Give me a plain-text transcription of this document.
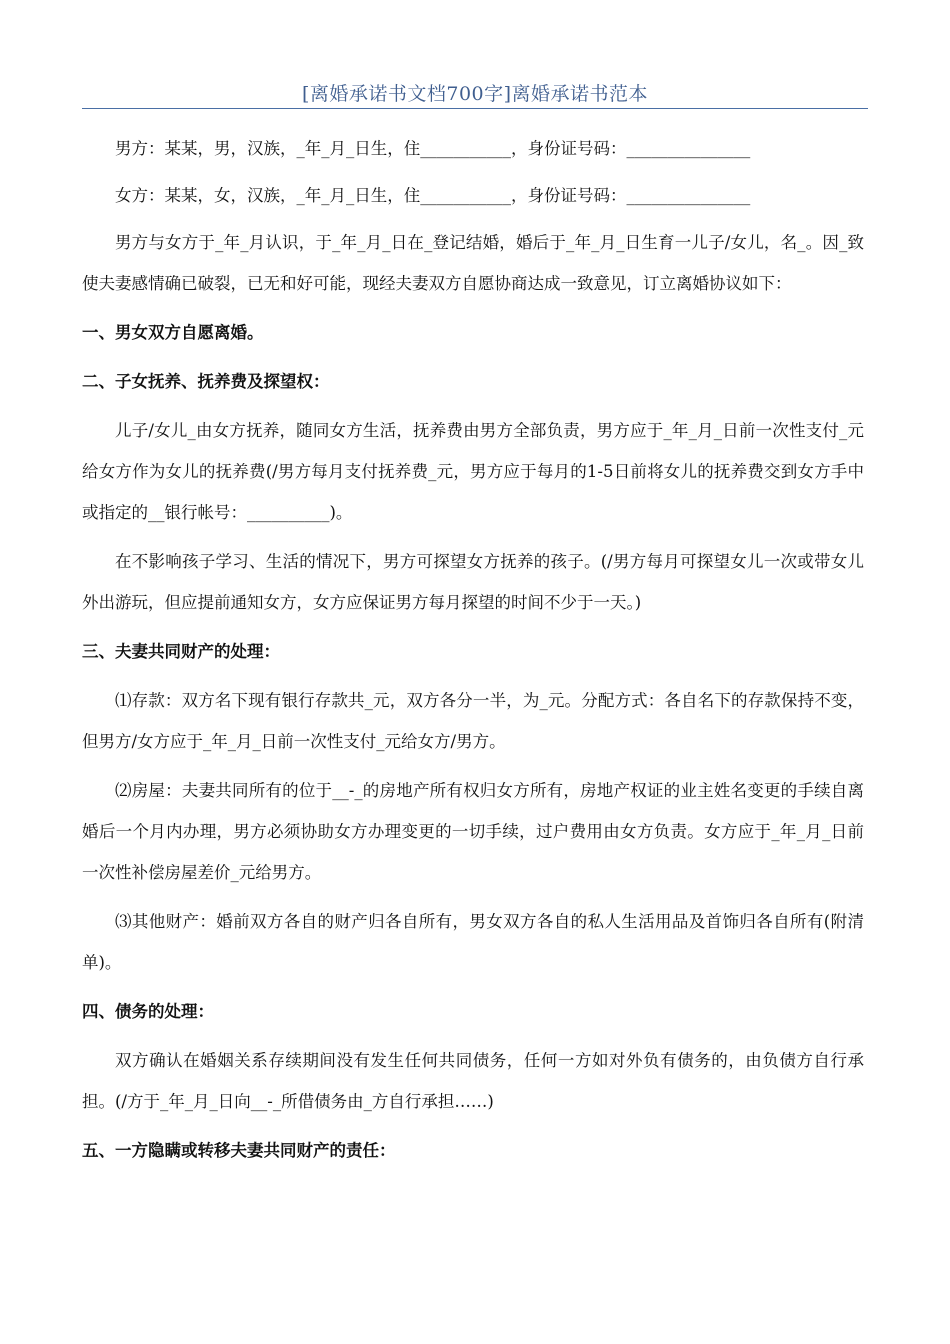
[离婚承诺书文档700字]离婚承诺书范本

男方：某某，男，汉族，_年_月_日生，住___________，身份证号码：_______________

女方：某某，女，汉族，_年_月_日生，住___________，身份证号码：_______________

男方与女方于_年_月认识，于_年_月_日在_登记结婚，婚后于_年_月_日生育一儿子/女儿，名_。因_致使夫妻感情确已破裂，已无和好可能，现经夫妻双方自愿协商达成一致意见，订立离婚协议如下：

一、男女双方自愿离婚。
二、子女抚养、抚养费及探望权：

儿子/女儿_由女方抚养，随同女方生活，抚养费由男方全部负责，男方应于_年_月_日前一次性支付_元给女方作为女儿的抚养费(/男方每月支付抚养费_元，男方应于每月的1-5日前将女儿的抚养费交到女方手中或指定的__银行帐号：__________)。

在不影响孩子学习、生活的情况下，男方可探望女方抚养的孩子。(/男方每月可探望女儿一次或带女儿外出游玩，但应提前通知女方，女方应保证男方每月探望的时间不少于一天。)

三、夫妻共同财产的处理：

⑴存款：双方名下现有银行存款共_元，双方各分一半，为_元。分配方式：各自名下的存款保持不变，但男方/女方应于_年_月_日前一次性支付_元给女方/男方。

⑵房屋：夫妻共同所有的位于__-_的房地产所有权归女方所有，房地产权证的业主姓名变更的手续自离婚后一个月内办理，男方必须协助女方办理变更的一切手续，过户费用由女方负责。女方应于_年_月_日前一次性补偿房屋差价_元给男方。

⑶其他财产：婚前双方各自的财产归各自所有，男女双方各自的私人生活用品及首饰归各自所有(附清单)。

四、债务的处理：

双方确认在婚姻关系存续期间没有发生任何共同债务，任何一方如对外负有债务的，由负债方自行承担。(/方于_年_月_日向__-_所借债务由_方自行承担……)

五、一方隐瞒或转移夫妻共同财产的责任：
